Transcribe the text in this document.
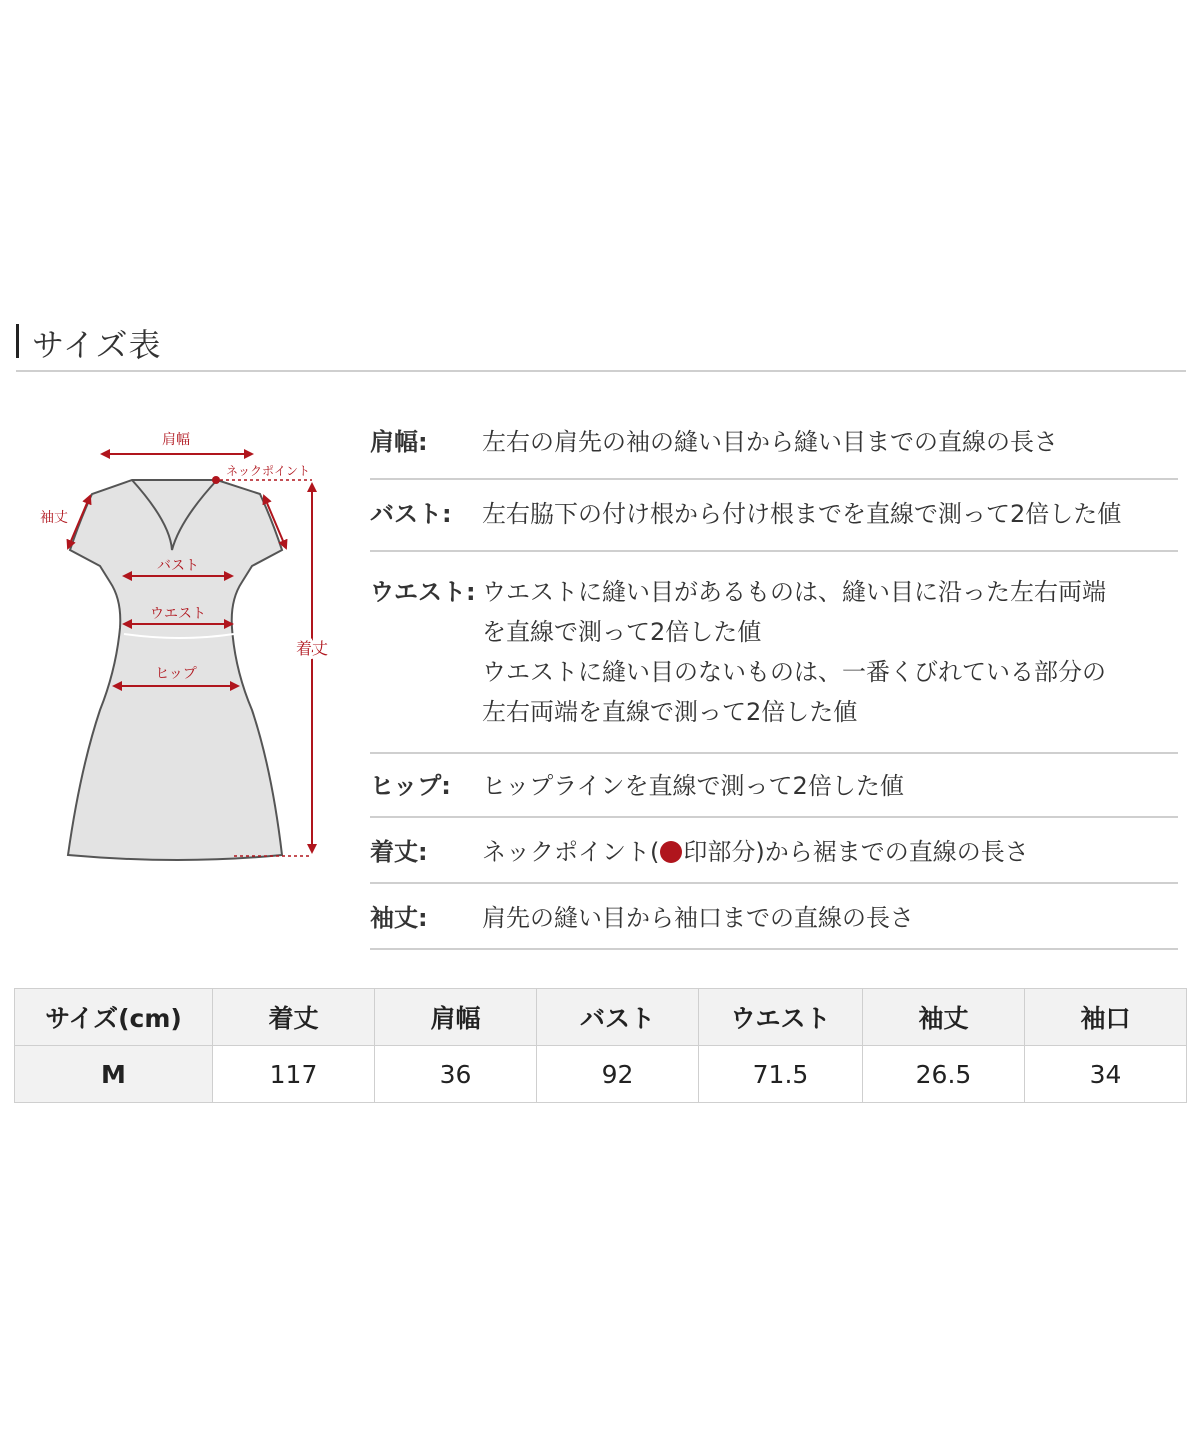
サイズ表
肩幅
ネックポイント
袖丈
バスト
ウエスト
ヒップ
着丈
肩幅:	左右の肩先の袖の縫い目から縫い目までの直線の長さ
バスト:	左右脇下の付け根から付け根までを直線で測って2倍した値
ウエスト: ウエストに縫い目があるものは、縫い目に沿った左右両端
を直線で測って2倍した値
ウエストに縫い目のないものは、一番くびれている部分の
左右両端を直線で測って2倍した値
ヒップ:	ヒップラインを直線で測って2倍した値
着丈:	ネックポイント( 印部分)から裾までの直線の長さ
袖丈:	肩先の縫い目から袖口までの直線の長さ
サイズ(cm)	着丈	肩幅	バスト	ウエスト	袖丈	袖口
M	117	36	92	71.5	26.5	34
